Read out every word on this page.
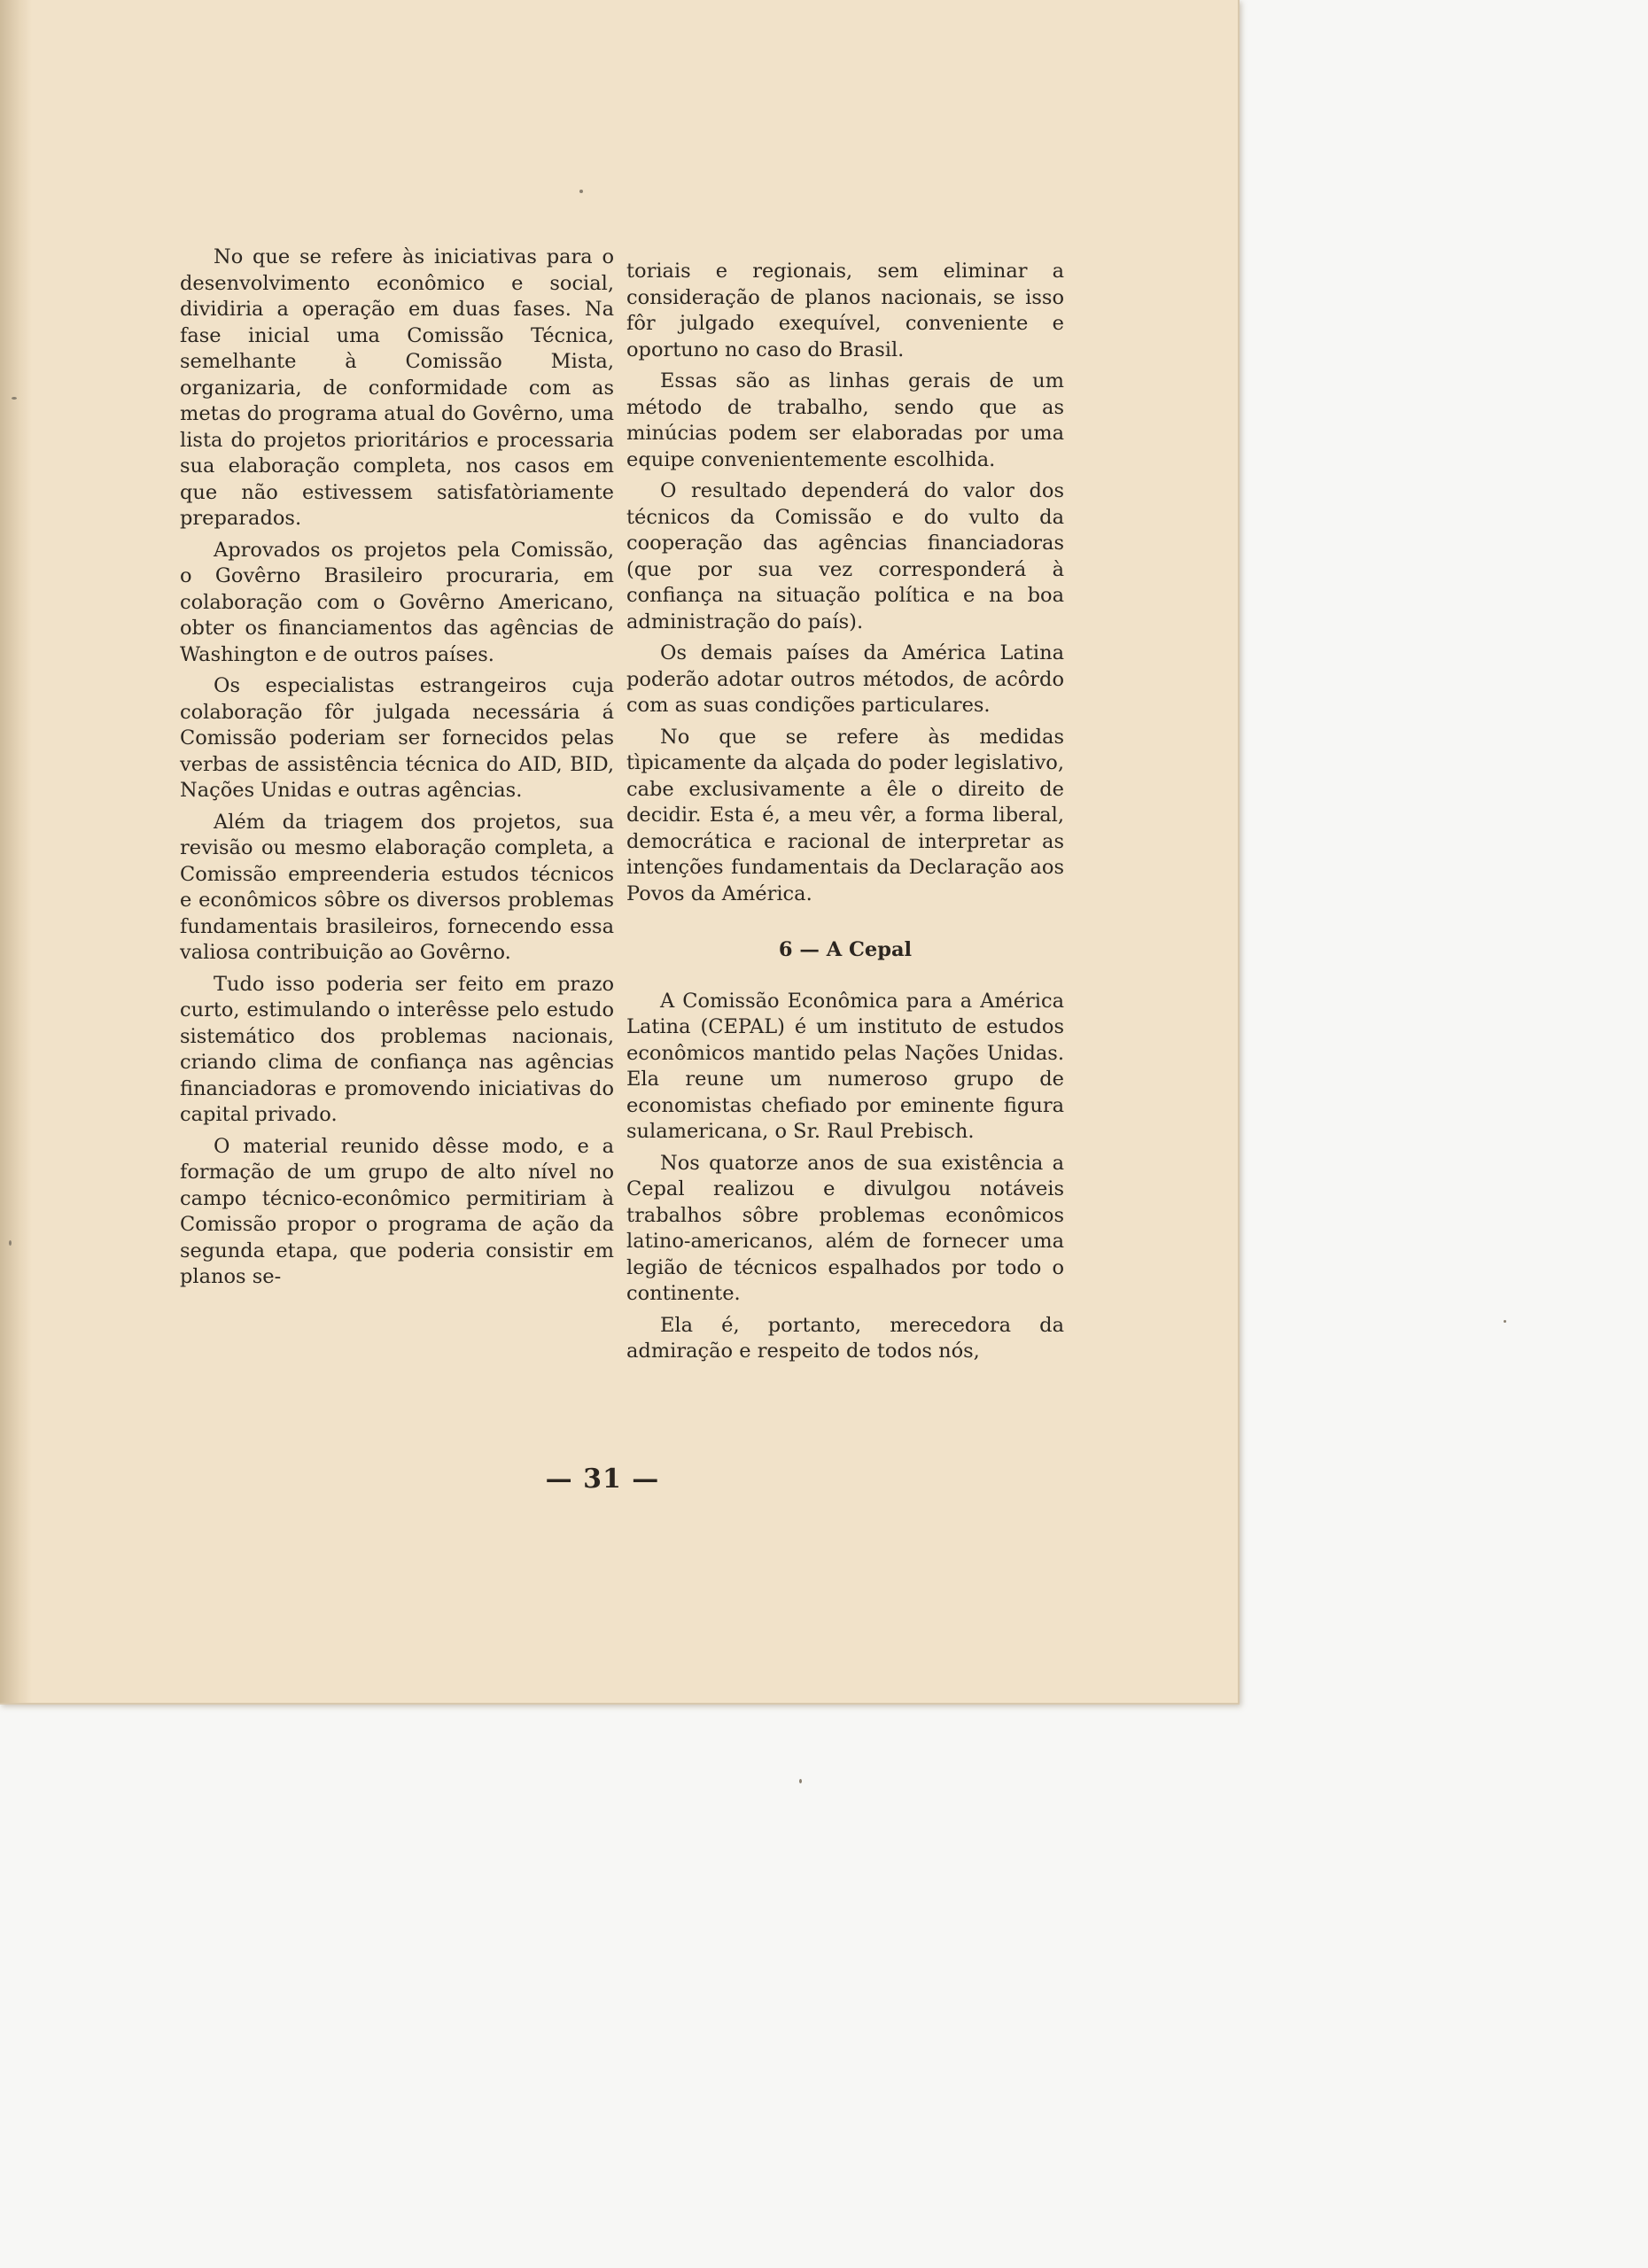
No que se refere às iniciativas para o desenvolvimento econômico e social, dividiria a operação em duas fases. Na fase inicial uma Comissão Técnica, semelhante à Comissão Mista, organizaria, de conformidade com as metas do programa atual do Govêrno, uma lista do projetos prioritários e processaria sua elaboração completa, nos casos em que não estivessem satisfatòriamente preparados.

Aprovados os projetos pela Comissão, o Govêrno Brasileiro procuraria, em colaboração com o Govêrno Americano, obter os financiamentos das agências de Washington e de outros países.

Os especialistas estrangeiros cuja colaboração fôr julgada necessária á Comissão poderiam ser fornecidos pelas verbas de assistência técnica do AID, BID, Nações Unidas e outras agências.

Além da triagem dos projetos, sua revisão ou mesmo elaboração completa, a Comissão empreenderia estudos técnicos e econômicos sôbre os diversos problemas fundamentais brasileiros, fornecendo essa valiosa contribuição ao Govêrno.

Tudo isso poderia ser feito em prazo curto, estimulando o interêsse pelo estudo sistemático dos problemas nacionais, criando clima de confiança nas agências financiadoras e promovendo iniciativas do capital privado.

O material reunido dêsse modo, e a formação de um grupo de alto nível no campo técnico-econômico permitiriam à Comissão propor o programa de ação da segunda etapa, que poderia consistir em planos se-

toriais e regionais, sem eliminar a consideração de planos nacionais, se isso fôr julgado exequível, conveniente e oportuno no caso do Brasil.

Essas são as linhas gerais de um método de trabalho, sendo que as minúcias podem ser elaboradas por uma equipe convenientemente escolhida.

O resultado dependerá do valor dos técnicos da Comissão e do vulto da cooperação das agências financiadoras (que por sua vez corresponderá à confiança na situação política e na boa administração do país).

Os demais países da América Latina poderão adotar outros métodos, de acôrdo com as suas condições particulares.

No que se refere às medidas tìpicamente da alçada do poder legislativo, cabe exclusivamente a êle o direito de decidir. Esta é, a meu vêr, a forma liberal, democrática e racional de interpretar as intenções fundamentais da Declaração aos Povos da América.

6 — A Cepal

A Comissão Econômica para a América Latina (CEPAL) é um instituto de estudos econômicos mantido pelas Nações Unidas. Ela reune um numeroso grupo de economistas chefiado por eminente figura sulamericana, o Sr. Raul Prebisch.

Nos quatorze anos de sua existência a Cepal realizou e divulgou notáveis trabalhos sôbre problemas econômicos latino-americanos, além de fornecer uma legião de técnicos espalhados por todo o continente.

Ela é, portanto, merecedora da admiração e respeito de todos nós,

— 31 —
